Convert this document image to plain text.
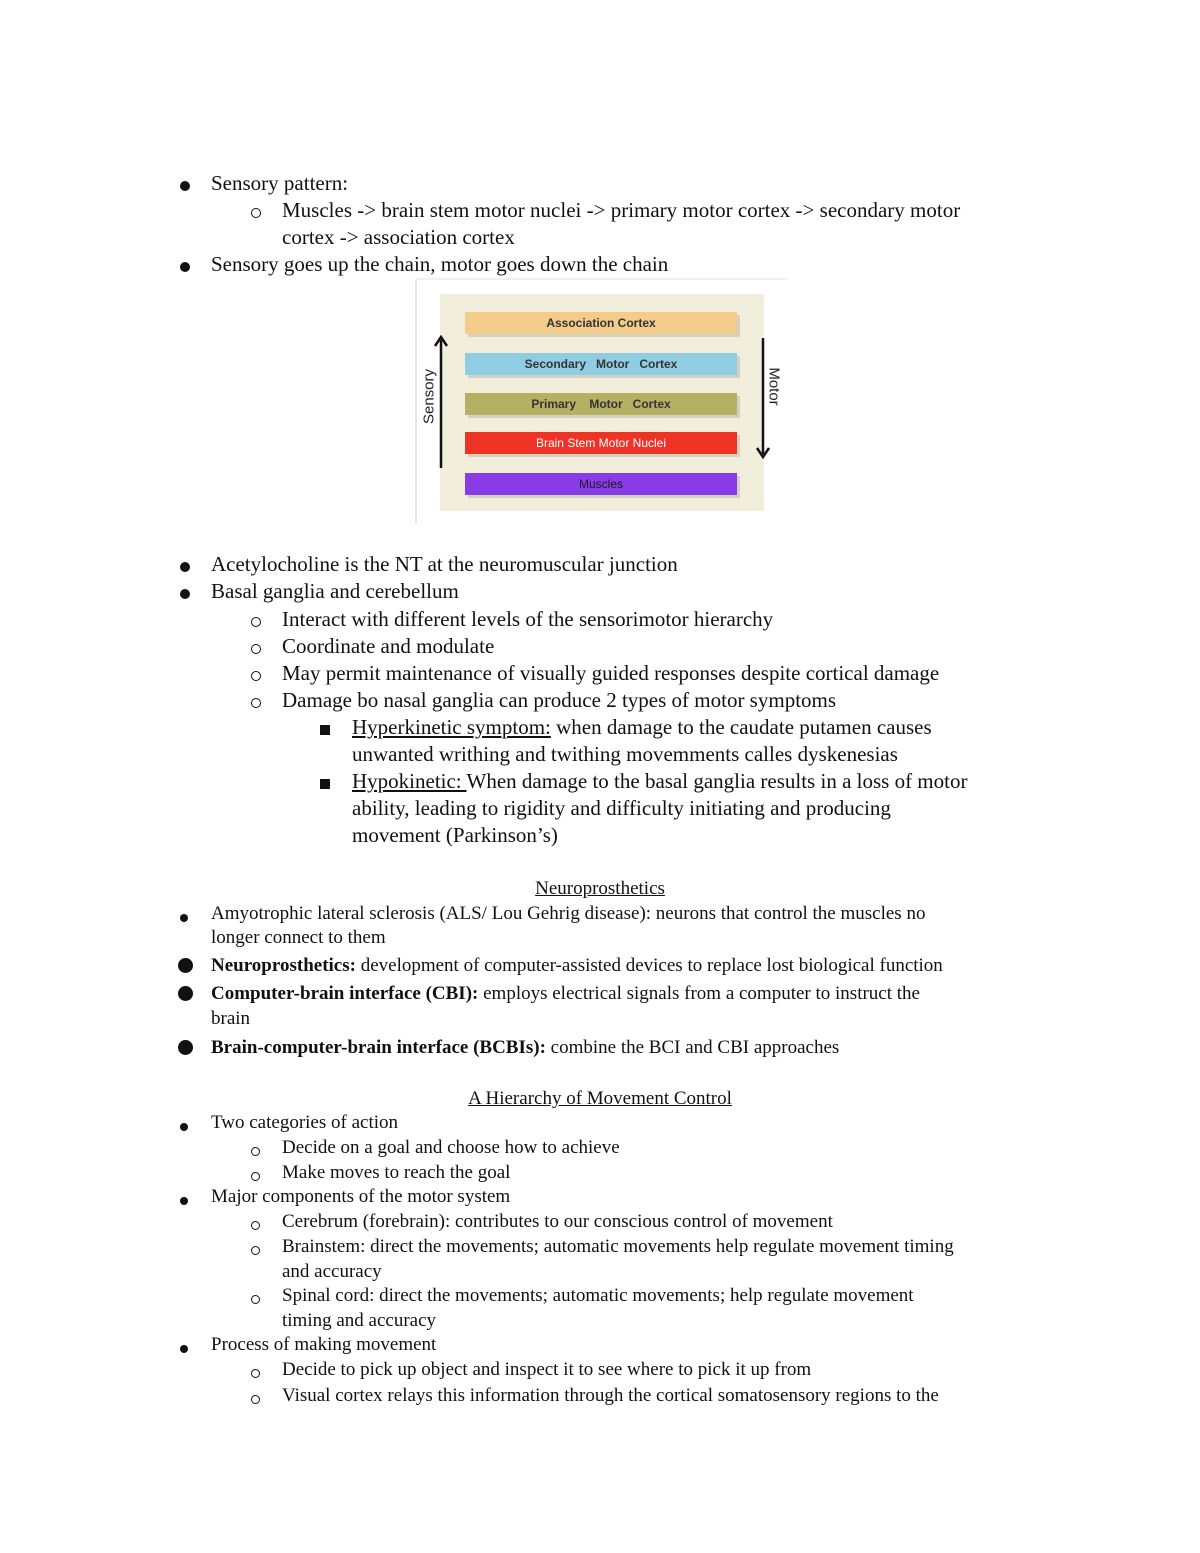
Sensory pattern:
Muscles -> brain stem motor nuclei -> primary motor cortex -> secondary motor
cortex -> association cortex
Sensory goes up the chain, motor goes down the chain
Association Cortex
Secondary   Motor   Cortex
Primary    Motor   Cortex
Brain Stem Motor Nuclei
Muscles
Sensory	Motor
Acetylocholine is the NT at the neuromuscular junction
Basal ganglia and cerebellum
Interact with different levels of the sensorimotor hierarchy
Coordinate and modulate
May permit maintenance of visually guided responses despite cortical damage
Damage bo nasal ganglia can produce 2 types of motor symptoms
Hyperkinetic symptom: when damage to the caudate putamen causes
unwanted writhing and twithing movemments calles dyskenesias
Hypokinetic: When damage to the basal ganglia results in a loss of motor
ability, leading to rigidity and difficulty initiating and producing
movement (Parkinson’s)
Neuroprosthetics
Amyotrophic lateral sclerosis (ALS/ Lou Gehrig disease): neurons that control the muscles no
longer connect to them
Neuroprosthetics: development of computer-assisted devices to replace lost biological function
Computer-brain interface (CBI): employs electrical signals from a computer to instruct the
brain
Brain-computer-brain interface (BCBIs): combine the BCI and CBI approaches
A Hierarchy of Movement Control
Two categories of action
Decide on a goal and choose how to achieve
Make moves to reach the goal
Major components of the motor system
Cerebrum (forebrain): contributes to our conscious control of movement
Brainstem: direct the movements; automatic movements help regulate movement timing
and accuracy
Spinal cord: direct the movements; automatic movements; help regulate movement
timing and accuracy
Process of making movement
Decide to pick up object and inspect it to see where to pick it up from
Visual cortex relays this information through the cortical somatosensory regions to the
